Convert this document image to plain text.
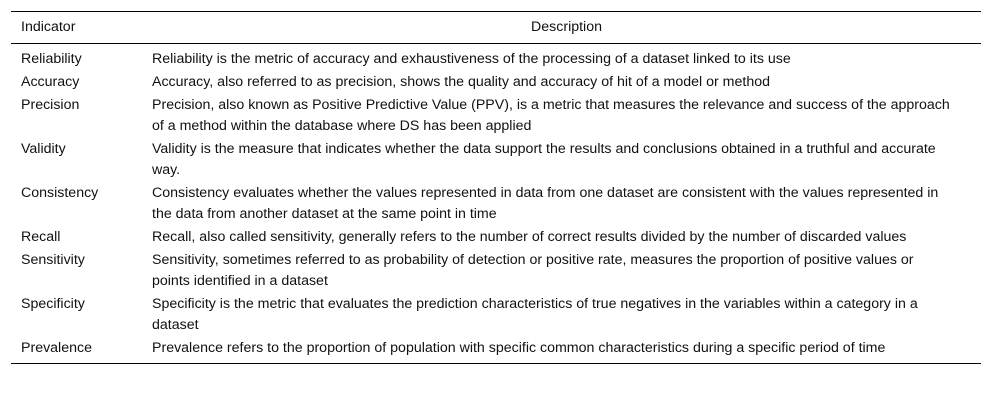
Indicator	Description
Reliability	Reliability is the metric of accuracy and exhaustiveness of the processing of a dataset linked to its use
Accuracy	Accuracy, also referred to as precision, shows the quality and accuracy of hit of a model or method
Precision	Precision, also known as Positive Predictive Value (PPV), is a metric that measures the relevance and success of the approach of a method within the database where DS has been applied
Validity	Validity is the measure that indicates whether the data support the results and conclusions obtained in a truthful and accurate way.
Consistency	Consistency evaluates whether the values represented in data from one dataset are consistent with the values represented in the data from another dataset at the same point in time
Recall	Recall, also called sensitivity, generally refers to the number of correct results divided by the number of discarded values
Sensitivity	Sensitivity, sometimes referred to as probability of detection or positive rate, measures the proportion of positive values or points identified in a dataset
Specificity	Specificity is the metric that evaluates the prediction characteristics of true negatives in the variables within a category in a dataset
Prevalence	Prevalence refers to the proportion of population with specific common characteristics during a specific period of time
